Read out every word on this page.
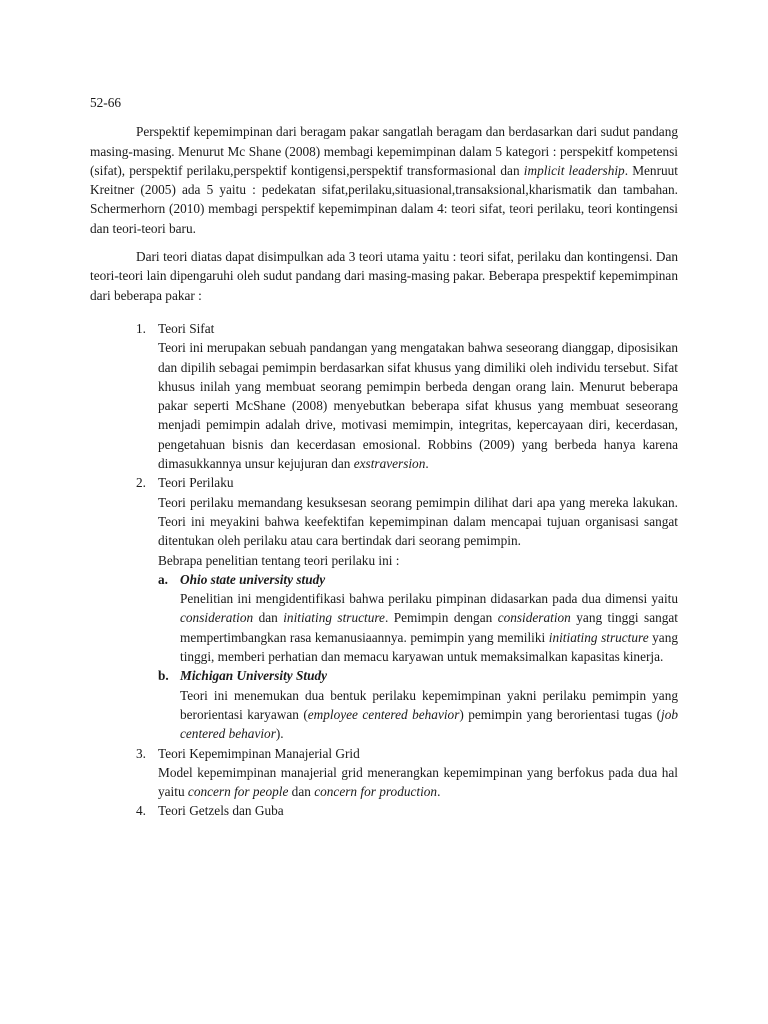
52-66

Perspektif kepemimpinan dari beragam pakar sangatlah beragam dan berdasarkan dari sudut pandang masing-masing. Menurut Mc Shane (2008) membagi kepemimpinan dalam 5 kategori : perspekitf kompetensi (sifat), perspektif perilaku,perspektif kontigensi,perspektif transformasional dan implicit leadership. Menruut Kreitner (2005) ada 5 yaitu : pedekatan sifat,perilaku,situasional,transaksional,kharismatik dan tambahan. Schermerhorn (2010) membagi perspektif kepemimpinan dalam 4: teori sifat, teori perilaku, teori kontingensi dan teori-teori baru.

Dari teori diatas dapat disimpulkan ada 3 teori utama yaitu : teori sifat, perilaku dan kontingensi. Dan teori-teori lain dipengaruhi oleh sudut pandang dari masing-masing pakar. Beberapa prespektif kepemimpinan dari beberapa pakar :

1. Teori Sifat

Teori ini merupakan sebuah pandangan yang mengatakan bahwa seseorang dianggap, diposisikan dan dipilih sebagai pemimpin berdasarkan sifat khusus yang dimiliki oleh individu tersebut. Sifat khusus inilah yang membuat seorang pemimpin berbeda dengan orang lain. Menurut beberapa pakar seperti McShane (2008) menyebutkan beberapa sifat khusus yang membuat seseorang menjadi pemimpin adalah drive, motivasi memimpin, integritas, kepercayaan diri, kecerdasan, pengetahuan bisnis dan kecerdasan emosional. Robbins (2009) yang berbeda hanya karena dimasukkannya unsur kejujuran dan exstraversion.

2. Teori Perilaku

Teori perilaku memandang kesuksesan seorang pemimpin dilihat dari apa yang mereka lakukan. Teori ini meyakini bahwa keefektifan kepemimpinan dalam mencapai tujuan organisasi sangat ditentukan oleh perilaku atau cara bertindak dari seorang pemimpin.

Bebrapa penelitian tentang teori perilaku ini :
a. Ohio state university study

Penelitian ini mengidentifikasi bahwa perilaku pimpinan didasarkan pada dua dimensi yaitu consideration dan initiating structure. Pemimpin dengan consideration yang tinggi sangat mempertimbangkan rasa kemanusiaannya. pemimpin yang memiliki initiating structure yang tinggi, memberi perhatian dan memacu karyawan untuk memaksimalkan kapasitas kinerja.

b. Michigan University Study

Teori ini menemukan dua bentuk perilaku kepemimpinan yakni perilaku pemimpin yang berorientasi karyawan (employee centered behavior) pemimpin yang berorientasi tugas (job centered behavior).

3. Teori Kepemimpinan Manajerial Grid

Model kepemimpinan manajerial grid menerangkan kepemimpinan yang berfokus pada dua hal yaitu concern for people dan concern for production.

4. Teori Getzels dan Guba
